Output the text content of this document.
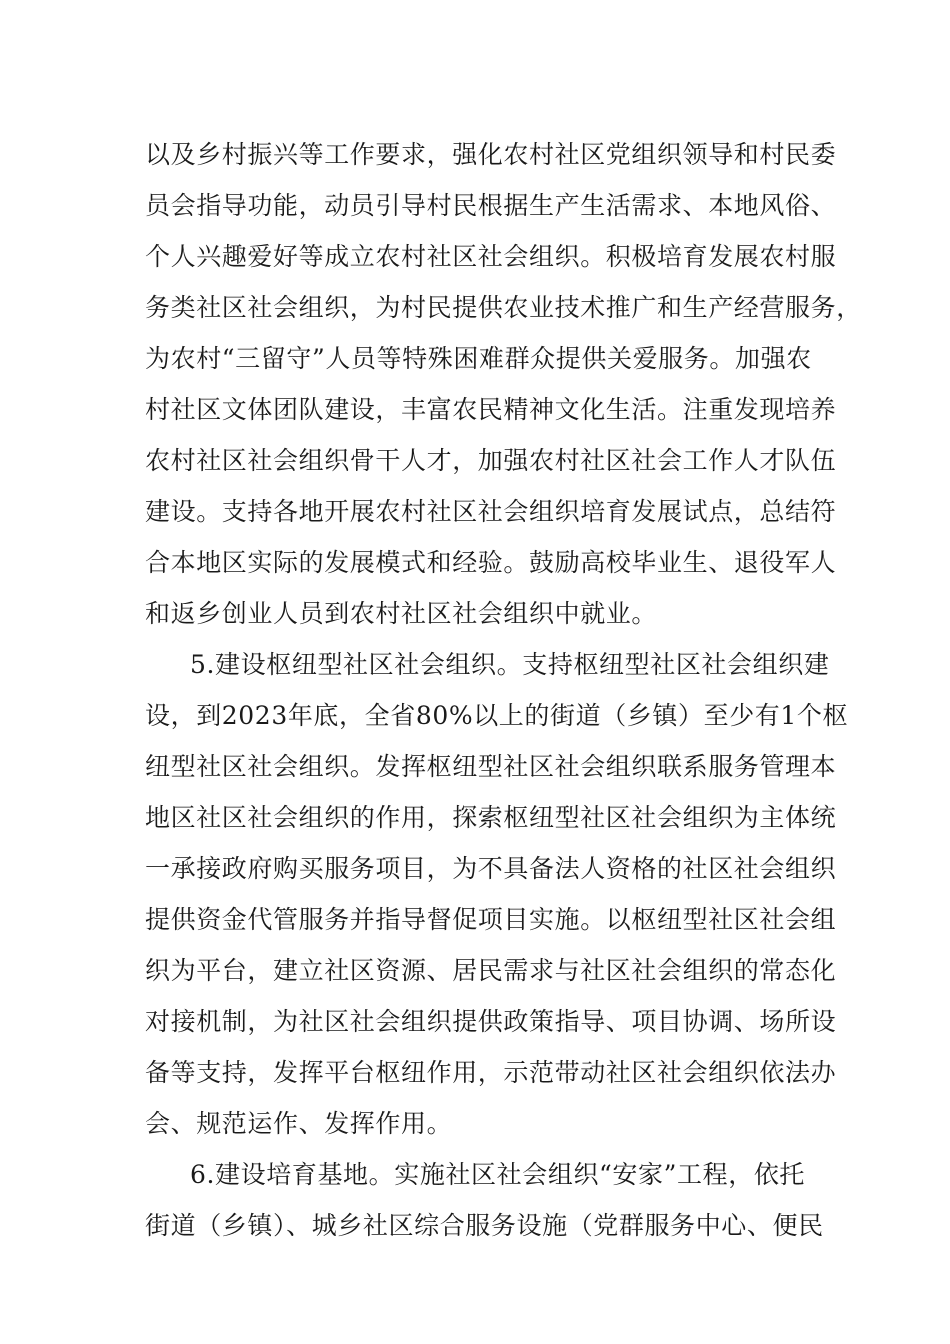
以及乡村振兴等工作要求，强化农村社区党组织领导和村民委
员会指导功能，动员引导村民根据生产生活需求、本地风俗、
个人兴趣爱好等成立农村社区社会组织。积极培育发展农村服
务类社区社会组织，为村民提供农业技术推广和生产经营服务，
为农村“三留守”人员等特殊困难群众提供关爱服务。加强农
村社区文体团队建设，丰富农民精神文化生活。注重发现培养
农村社区社会组织骨干人才，加强农村社区社会工作人才队伍
建设。支持各地开展农村社区社会组织培育发展试点，总结符
合本地区实际的发展模式和经验。鼓励高校毕业生、退役军人
和返乡创业人员到农村社区社会组织中就业。
5.建设枢纽型社区社会组织。支持枢纽型社区社会组织建
设，到2023年底，全省80%以上的街道（乡镇）至少有1个枢
纽型社区社会组织。发挥枢纽型社区社会组织联系服务管理本
地区社区社会组织的作用，探索枢纽型社区社会组织为主体统
一承接政府购买服务项目，为不具备法人资格的社区社会组织
提供资金代管服务并指导督促项目实施。以枢纽型社区社会组
织为平台，建立社区资源、居民需求与社区社会组织的常态化
对接机制，为社区社会组织提供政策指导、项目协调、场所设
备等支持，发挥平台枢纽作用，示范带动社区社会组织依法办
会、规范运作、发挥作用。
6.建设培育基地。实施社区社会组织“安家”工程，依托
街道（乡镇）、城乡社区综合服务设施（党群服务中心、便民
